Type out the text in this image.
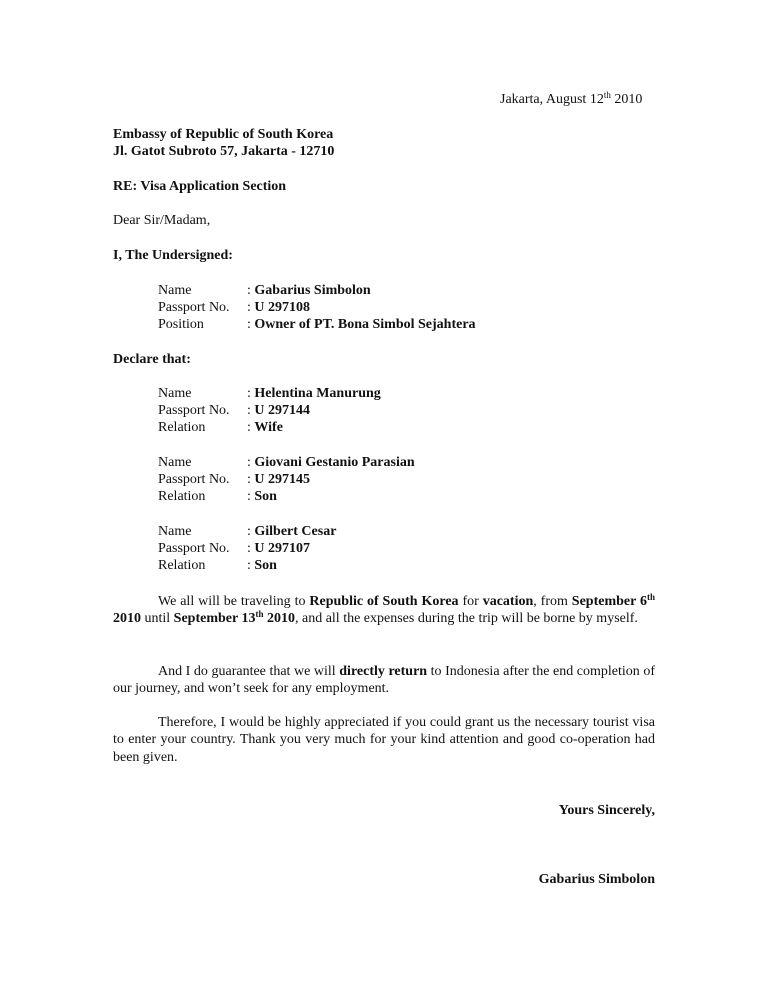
Jakarta, August 12th 2010
Embassy of Republic of South Korea
Jl. Gatot Subroto 57, Jakarta - 12710
RE: Visa Application Section
Dear Sir/Madam,
I, The Undersigned:
Name	: Gabarius Simbolon
Passport No. : U 297108
Position	: Owner of PT. Bona Simbol Sejahtera
Declare that:
Name	: Helentina Manurung
Passport No. : U 297144
Relation	: Wife
Name	: Giovani Gestanio Parasian
Passport No. : U 297145
Relation	: Son
Name	: Gilbert Cesar
Passport No. : U 297107
Relation	: Son
We all will be traveling to Republic of South Korea for vacation, from September 6th 2010 until September 13th 2010, and all the expenses during the trip will be borne by myself.
And I do guarantee that we will directly return to Indonesia after the end completion of our journey, and won’t seek for any employment.
Therefore, I would be highly appreciated if you could grant us the necessary tourist visa to enter your country. Thank you very much for your kind attention and good co-operation had been given.
Yours Sincerely,
Gabarius Simbolon
